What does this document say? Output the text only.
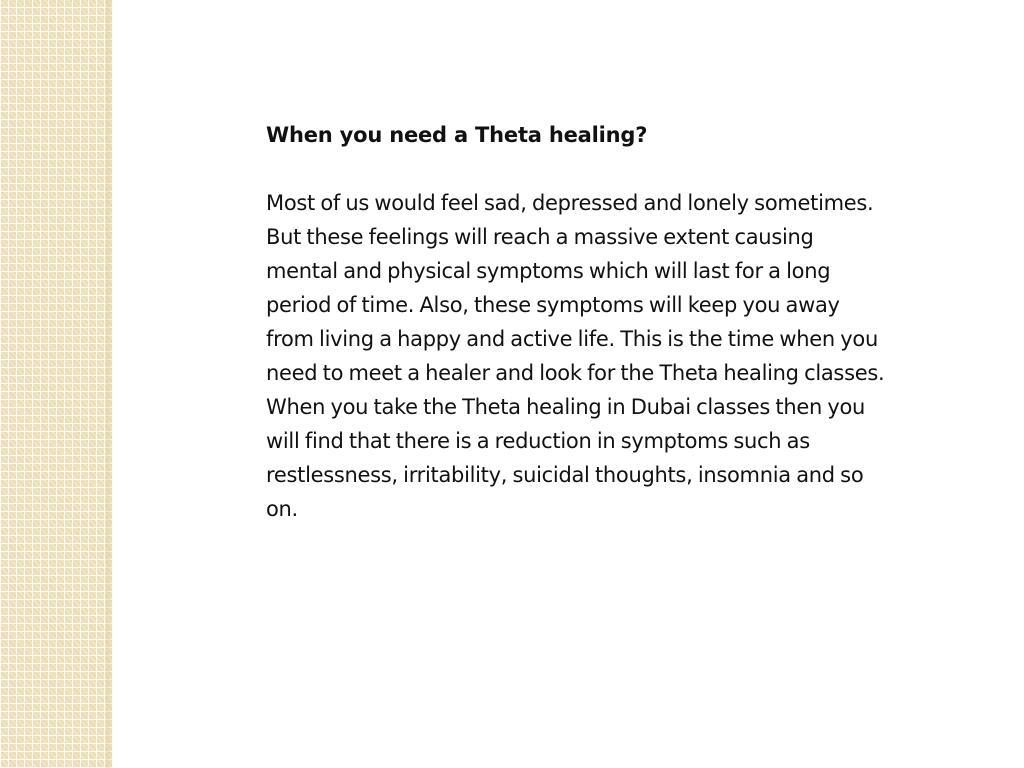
When you need a Theta healing?

Most of us would feel sad, depressed and lonely sometimes. But these feelings will reach a massive extent causing mental and physical symptoms which will last for a long period of time. Also, these symptoms will keep you away from living a happy and active life. This is the time when you need to meet a healer and look for the Theta healing classes. When you take the Theta healing in Dubai classes then you will find that there is a reduction in symptoms such as restlessness, irritability, suicidal thoughts, insomnia and so on.
